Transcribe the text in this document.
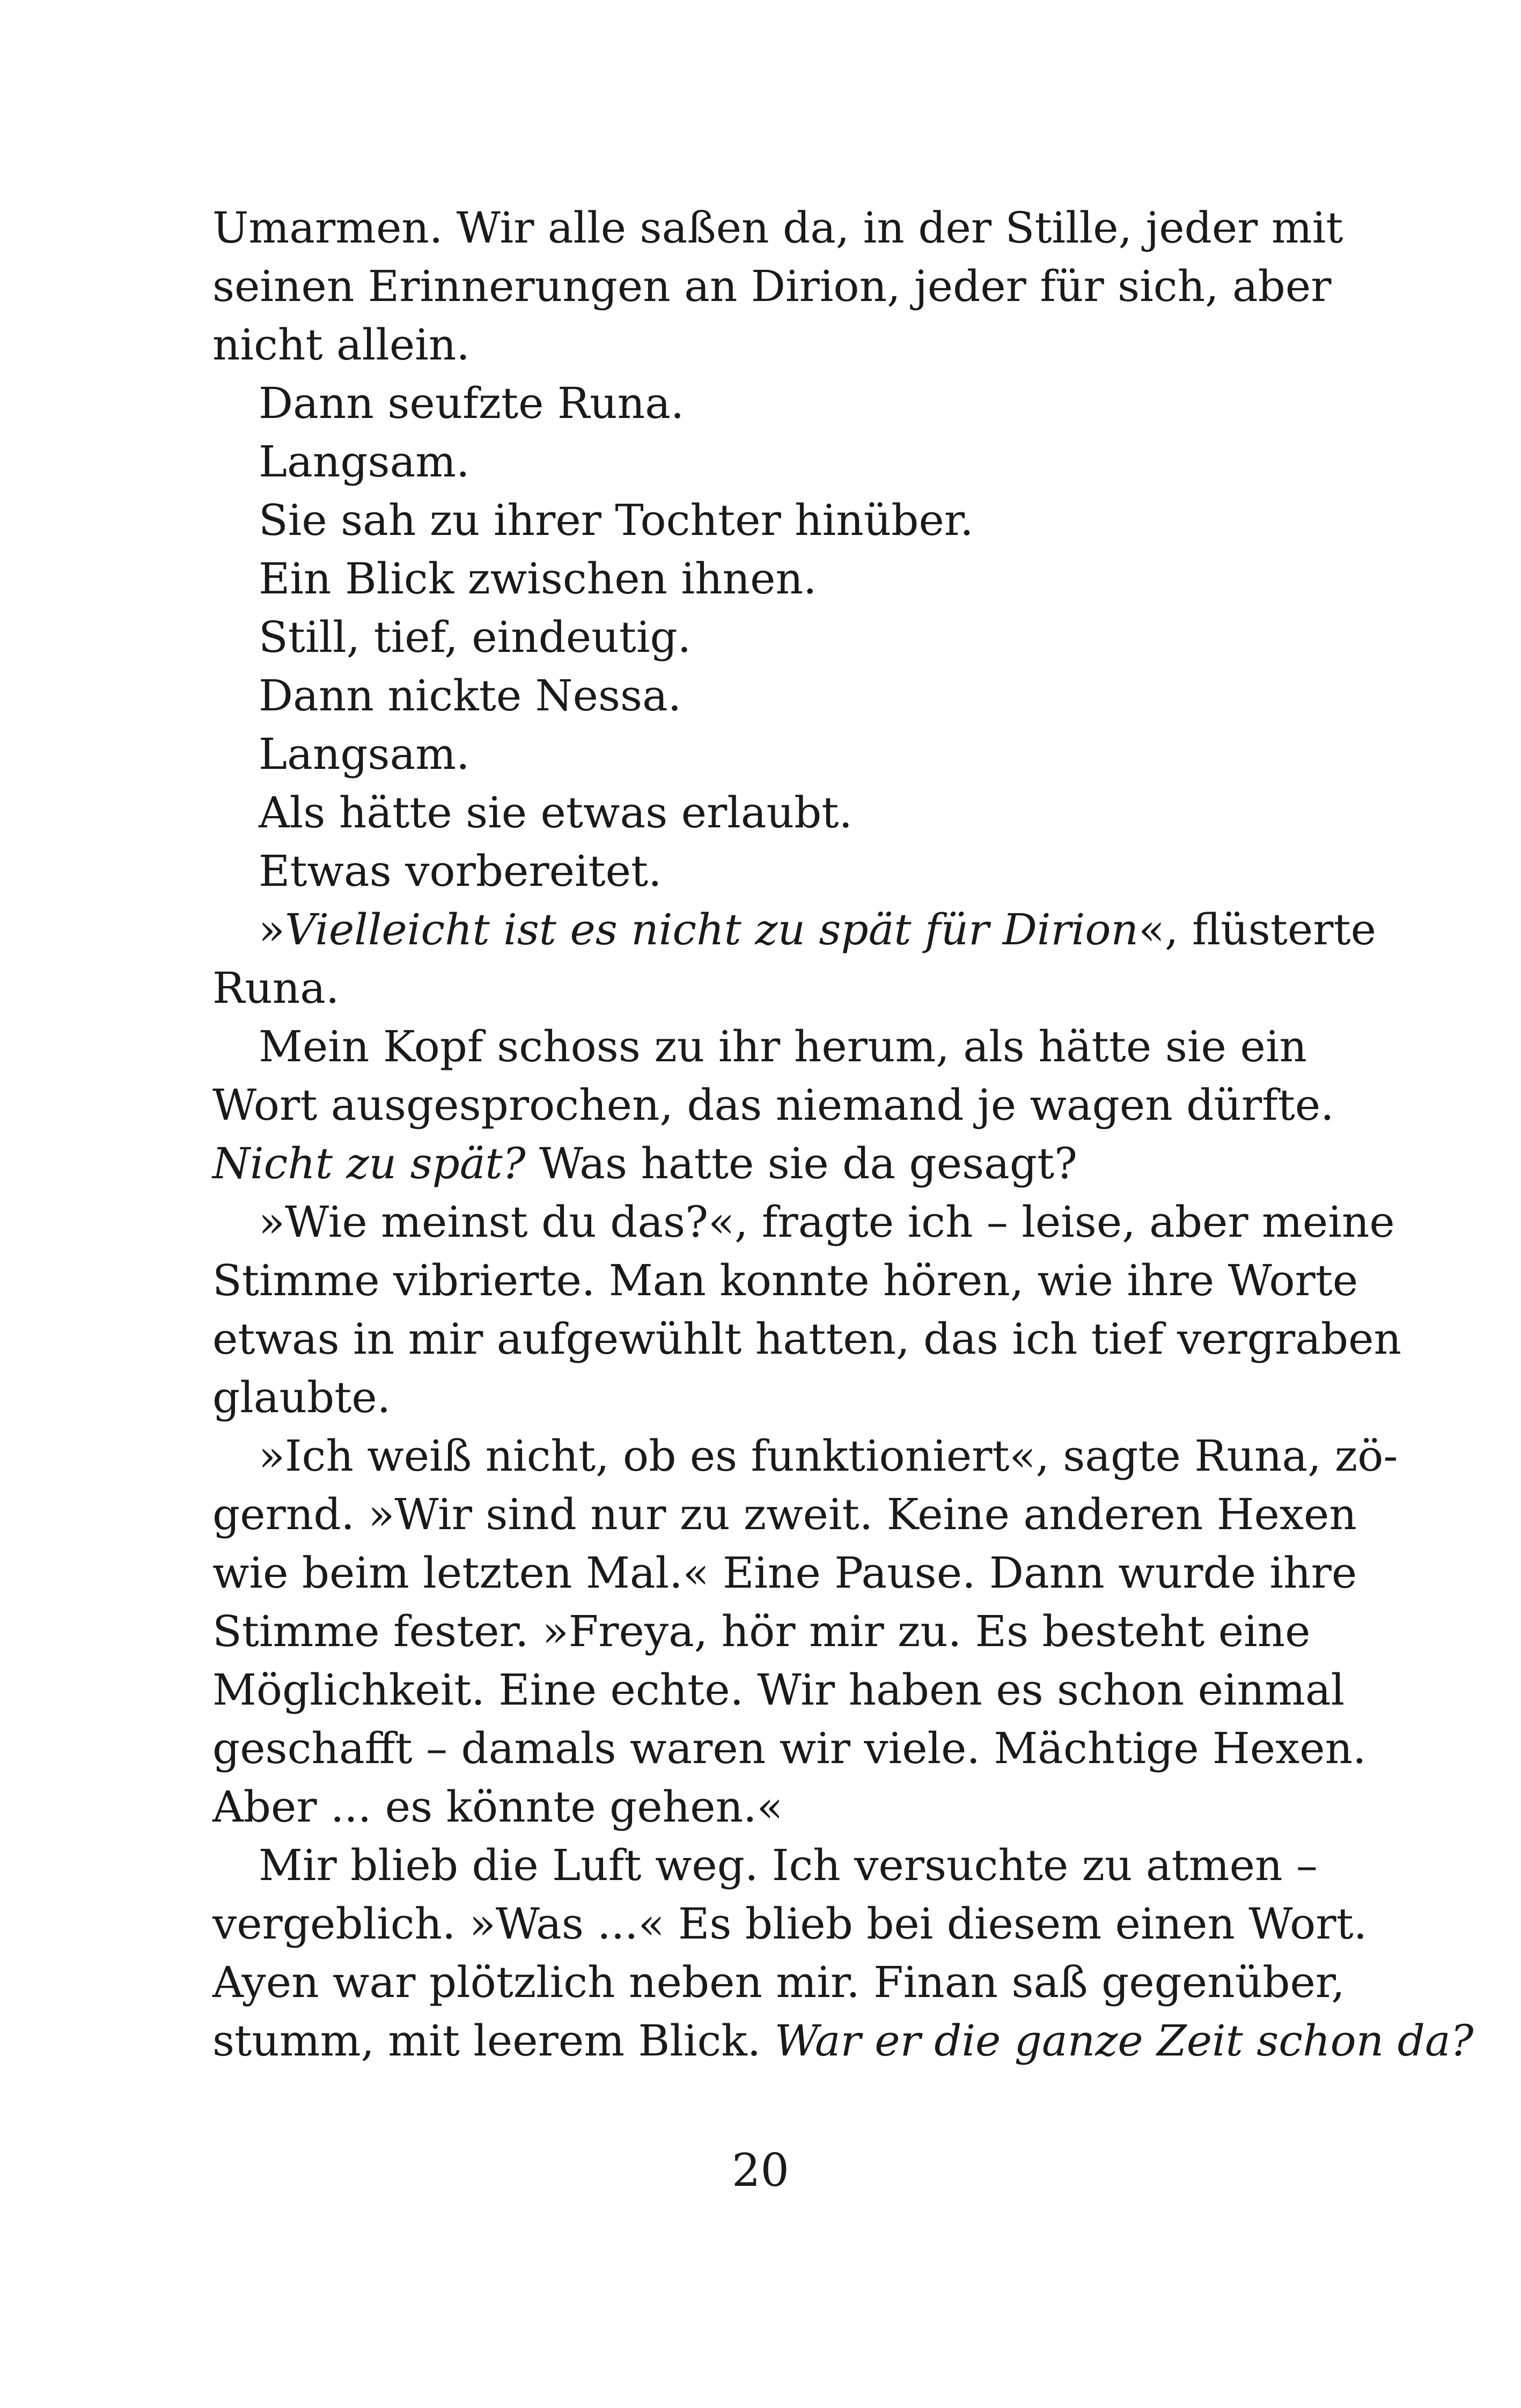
Umarmen. Wir alle saßen da, in der Stille, jeder mit
seinen Erinnerungen an Dirion, jeder für sich, aber
nicht allein.
Dann seufzte Runa.
Langsam.
Sie sah zu ihrer Tochter hinüber.
Ein Blick zwischen ihnen.
Still, tief, eindeutig.
Dann nickte Nessa.
Langsam.
Als hätte sie etwas erlaubt.
Etwas vorbereitet.
»Vielleicht ist es nicht zu spät für Dirion«, flüsterte
Runa.
Mein Kopf schoss zu ihr herum, als hätte sie ein
Wort ausgesprochen, das niemand je wagen dürfte.
Nicht zu spät? Was hatte sie da gesagt?
»Wie meinst du das?«, fragte ich – leise, aber meine
Stimme vibrierte. Man konnte hören, wie ihre Worte
etwas in mir aufgewühlt hatten, das ich tief vergraben
glaubte.
»Ich weiß nicht, ob es funktioniert«, sagte Runa, zö-
gernd. »Wir sind nur zu zweit. Keine anderen Hexen
wie beim letzten Mal.« Eine Pause. Dann wurde ihre
Stimme fester. »Freya, hör mir zu. Es besteht eine
Möglichkeit. Eine echte. Wir haben es schon einmal
geschafft – damals waren wir viele. Mächtige Hexen.
Aber ... es könnte gehen.«
Mir blieb die Luft weg. Ich versuchte zu atmen –
vergeblich. »Was ...« Es blieb bei diesem einen Wort.
Ayen war plötzlich neben mir. Finan saß gegenüber,
stumm, mit leerem Blick. War er die ganze Zeit schon da?
20
